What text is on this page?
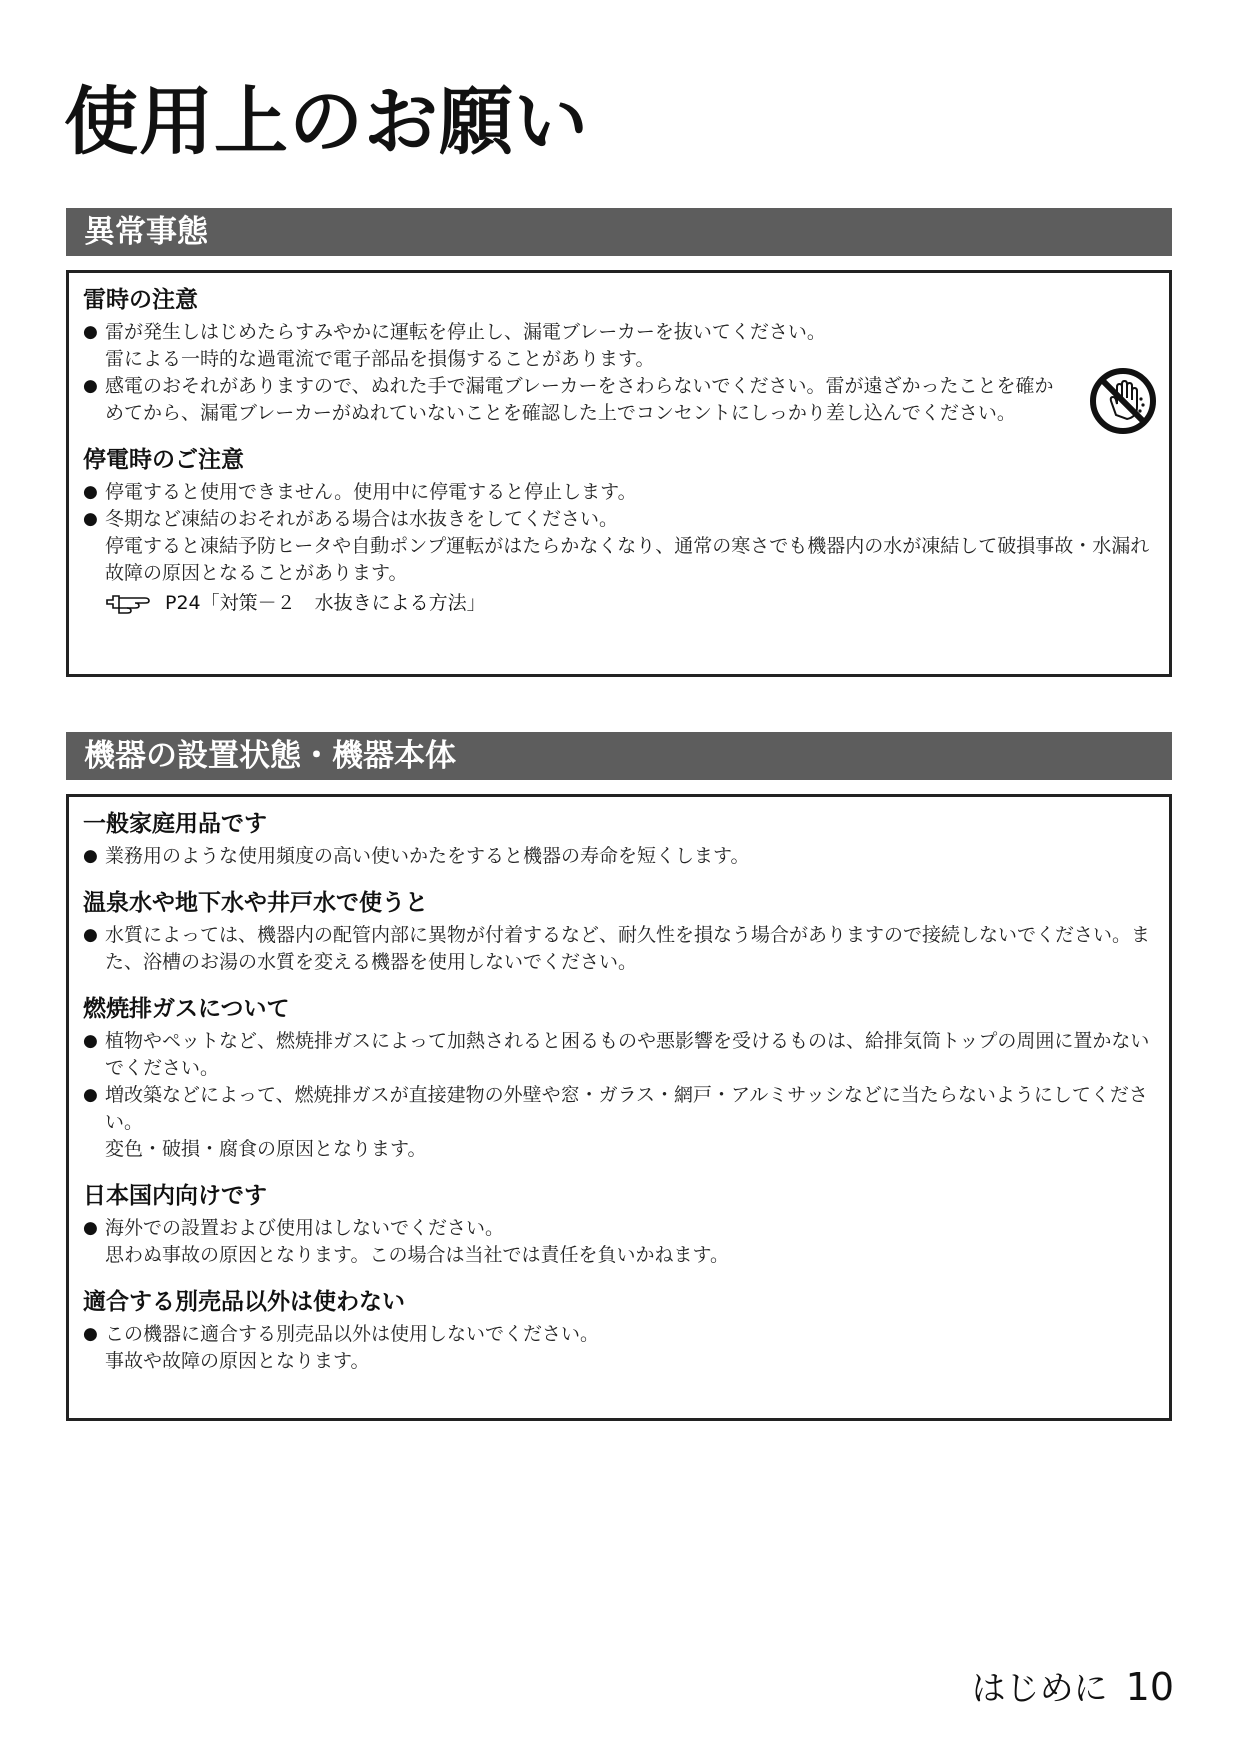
使用上のお願い
異常事態
雷時の注意
● 雷が発生しはじめたらすみやかに運転を停止し、漏電ブレーカーを抜いてください。
雷による一時的な過電流で電子部品を損傷することがあります。
● 感電のおそれがありますので、ぬれた手で漏電ブレーカーをさわらないでください。雷が遠ざかったことを確かめてから、漏電ブレーカーがぬれていないことを確認した上でコンセントにしっかり差し込んでください。
停電時のご注意
● 停電すると使用できません。使用中に停電すると停止します。
● 冬期など凍結のおそれがある場合は水抜きをしてください。
停電すると凍結予防ヒータや自動ポンプ運転がはたらかなくなり、通常の寒さでも機器内の水が凍結して破損事故・水漏れ故障の原因となることがあります。
P24「対策－２　水抜きによる方法」
機器の設置状態・機器本体
一般家庭用品です
● 業務用のような使用頻度の高い使いかたをすると機器の寿命を短くします。
温泉水や地下水や井戸水で使うと
● 水質によっては、機器内の配管内部に異物が付着するなど、耐久性を損なう場合がありますので接続しないでください。また、浴槽のお湯の水質を変える機器を使用しないでください。
燃焼排ガスについて
● 植物やペットなど、燃焼排ガスによって加熱されると困るものや悪影響を受けるものは、給排気筒トップの周囲に置かないでください。
● 増改築などによって、燃焼排ガスが直接建物の外壁や窓・ガラス・網戸・アルミサッシなどに当たらないようにしてください。
変色・破損・腐食の原因となります。
日本国内向けです
● 海外での設置および使用はしないでください。
思わぬ事故の原因となります。この場合は当社では責任を負いかねます。
適合する別売品以外は使わない
● この機器に適合する別売品以外は使用しないでください。
事故や故障の原因となります。
はじめに 10
